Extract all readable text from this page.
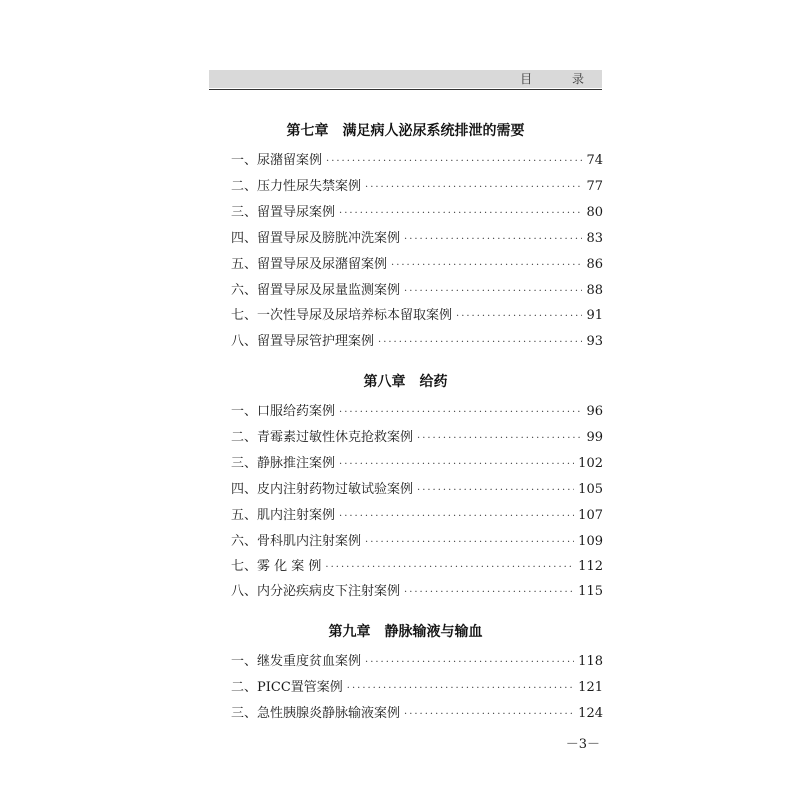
目 录
第七章 满足病人泌尿系统排泄的需要
一、尿潴留案例 ·····	74
二、压力性尿失禁案例 ·····	77
三、留置导尿案例 ·····	80
四、留置导尿及膀胱冲洗案例 ·····	83
五、留置导尿及尿潴留案例 ·····	86
六、留置导尿及尿量监测案例 ·····	88
七、一次性导尿及尿培养标本留取案例 ·····	91
八、留置导尿管护理案例 ·····	93
第八章 给药
一、口服给药案例 ·····	96
二、青霉素过敏性休克抢救案例 ·····	99
三、静脉推注案例 ·····	102
四、皮内注射药物过敏试验案例 ·····	105
五、肌内注射案例 ·····	107
六、骨科肌内注射案例 ·····	109
七、雾 化 案 例 ·····	112
八、内分泌疾病皮下注射案例 ·····	115
第九章 静脉输液与输血
一、继发重度贫血案例 ·····	118
二、PICC置管案例 ·····	121
三、急性胰腺炎静脉输液案例 ·····	124
－3－
